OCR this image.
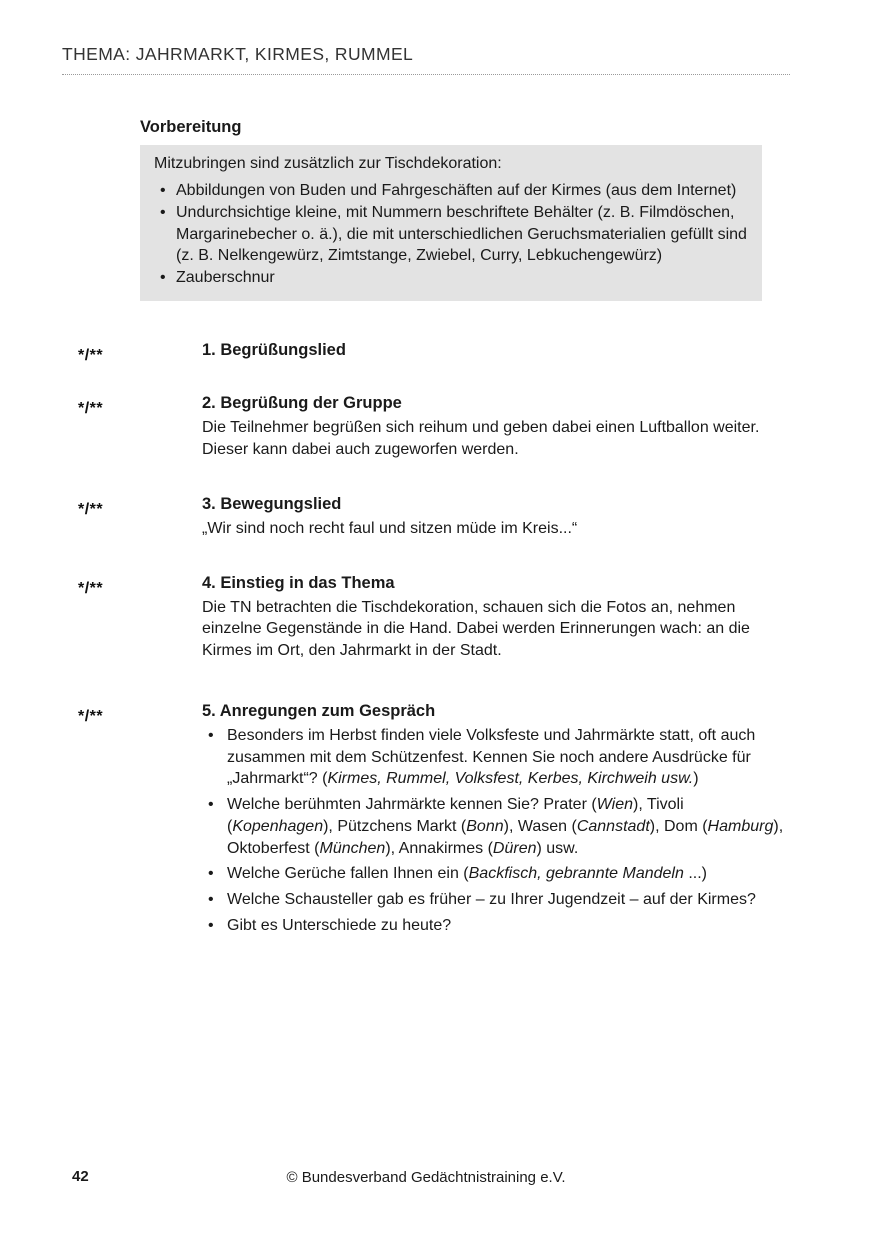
THEMA: JAHRMARKT, KIRMES, RUMMEL
Vorbereitung
Mitzubringen sind zusätzlich zur Tischdekoration:
• Abbildungen von Buden und Fahrgeschäften auf der Kirmes (aus dem Internet)
• Undurchsichtige kleine, mit Nummern beschriftete Behälter (z. B. Filmdöschen, Margarinebecher o. ä.), die mit unterschiedlichen Geruchsmaterialien gefüllt sind (z. B. Nelkengewürz, Zimtstange, Zwiebel, Curry, Lebkuchengewürz)
• Zauberschnur
*/**	1. Begrüßungslied
*/**	2. Begrüßung der Gruppe
Die Teilnehmer begrüßen sich reihum und geben dabei einen Luftballon weiter. Dieser kann dabei auch zugeworfen werden.
*/**	3. Bewegungslied
„Wir sind noch recht faul und sitzen müde im Kreis...“
*/**	4. Einstieg in das Thema
Die TN betrachten die Tischdekoration, schauen sich die Fotos an, nehmen einzelne Gegenstände in die Hand. Dabei werden Erinnerungen wach: an die Kirmes im Ort, den Jahrmarkt in der Stadt.
*/**	5. Anregungen zum Gespräch
• Besonders im Herbst finden viele Volksfeste und Jahrmärkte statt, oft auch zusammen mit dem Schützenfest. Kennen Sie noch andere Ausdrücke für „Jahrmarkt“? (Kirmes, Rummel, Volksfest, Kerbes, Kirchweih usw.)
• Welche berühmten Jahrmärkte kennen Sie? Prater (Wien), Tivoli (Kopenhagen), Pützchens Markt (Bonn), Wasen (Cannstadt), Dom (Hamburg), Oktoberfest (München), Annakirmes (Düren) usw.
• Welche Gerüche fallen Ihnen ein (Backfisch, gebrannte Mandeln ...)
• Welche Schausteller gab es früher – zu Ihrer Jugendzeit – auf der Kirmes?
• Gibt es Unterschiede zu heute?
42	© Bundesverband Gedächtnistraining e.V.
